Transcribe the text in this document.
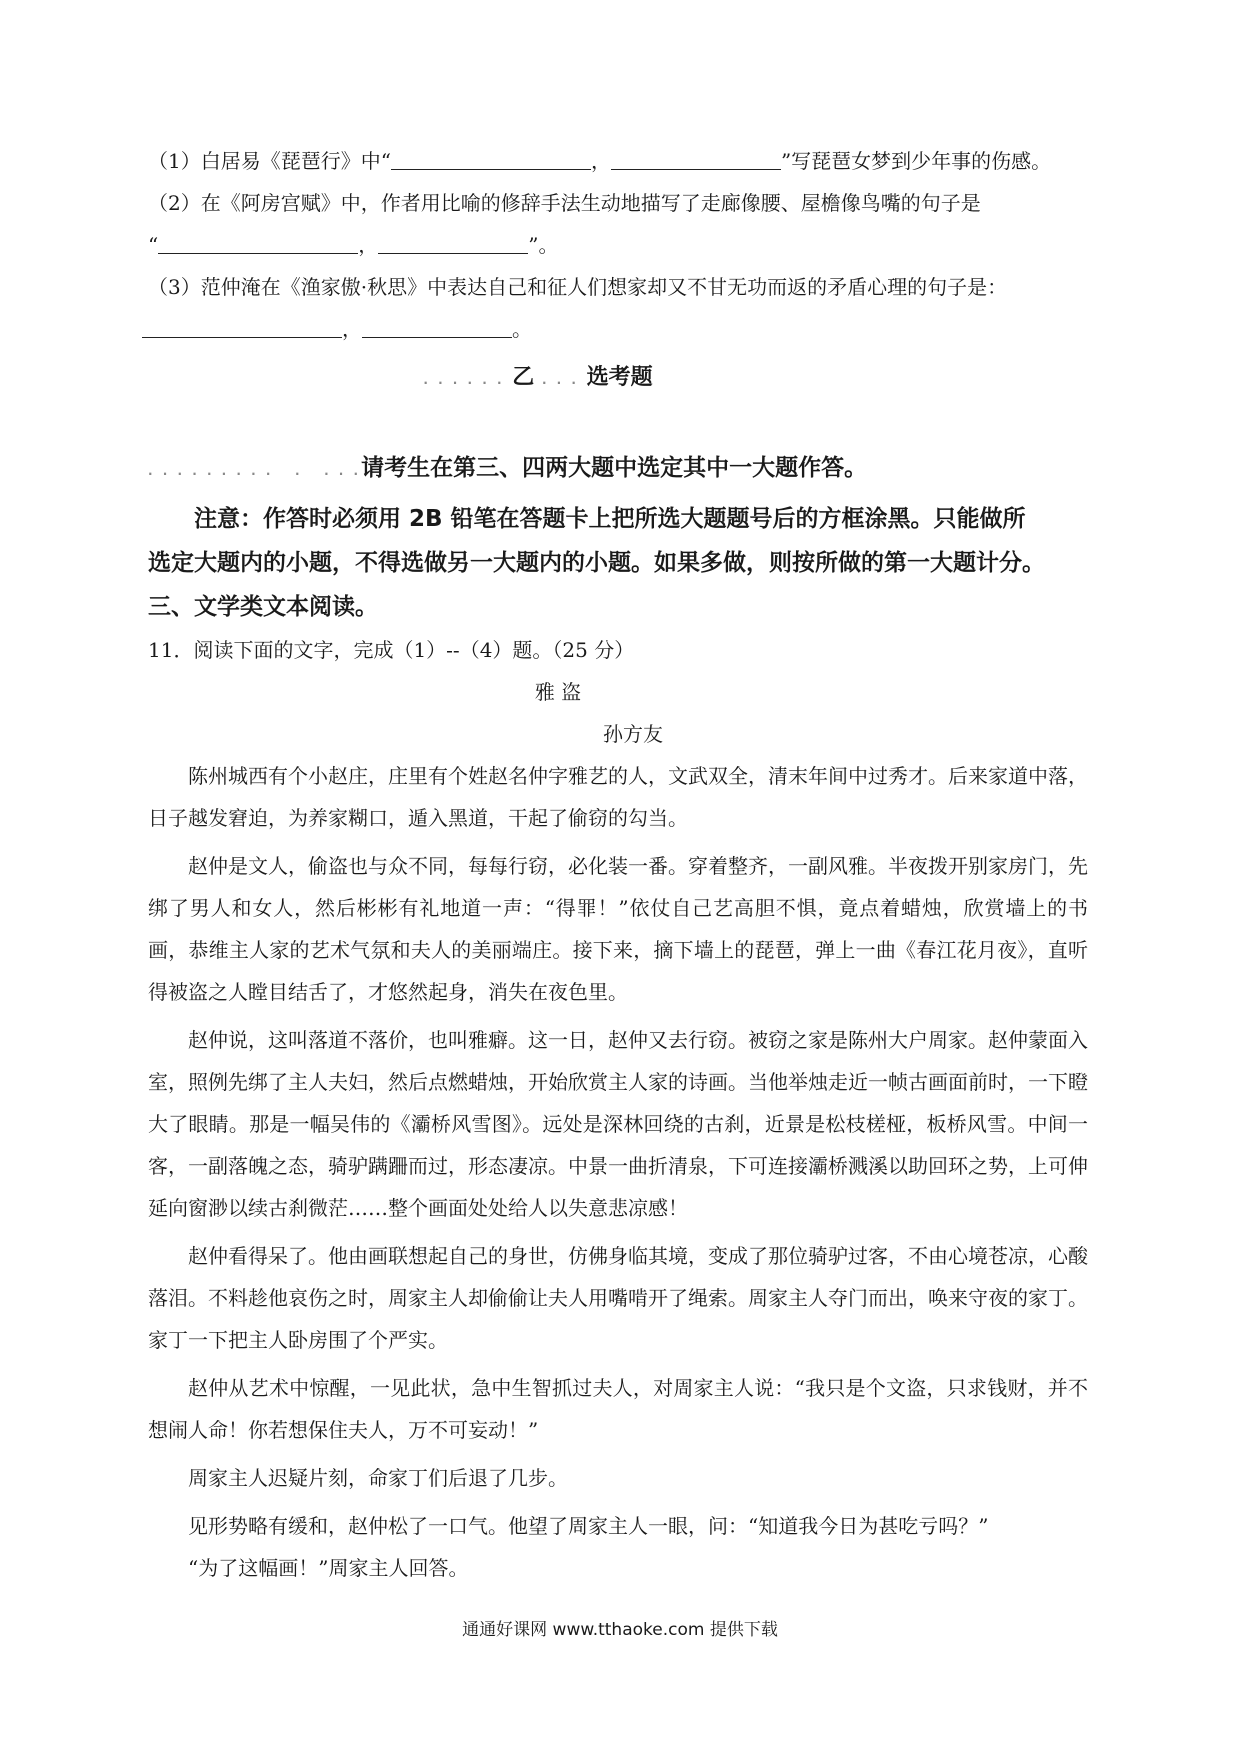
（1）白居易《琵琶行》中“	，	”写琵琶女梦到少年事的伤感。
（2）在《阿房宫赋》中，作者用比喻的修辞手法生动地描写了走廊像腰、屋檐像鸟嘴的句子是
“	，	”。
（3）范仲淹在《渔家傲·秋思》中表达自己和征人们想家却又不甘无功而返的矛盾心理的句子是：
，	。
. . . . . . 乙 . . . 选考题
. . . . . . . . .   .   . . .请考生在第三、四两大题中选定其中一大题作答。
注意：作答时必须用 2B 铅笔在答题卡上把所选大题题号后的方框涂黑。只能做所
选定大题内的小题，不得选做另一大题内的小题。如果多做，则按所做的第一大题计分。
三、文学类文本阅读。
11．阅读下面的文字，完成（1）--（4）题。（25 分）
雅 盗
孙方友
陈州城西有个小赵庄，庄里有个姓赵名仲字雅艺的人，文武双全，清末年间中过秀才。后来家道中落，日子越发窘迫，为养家糊口，遁入黑道，干起了偷窃的勾当。
赵仲是文人，偷盗也与众不同，每每行窃，必化装一番。穿着整齐，一副风雅。半夜拨开别家房门，先绑了男人和女人，然后彬彬有礼地道一声：“得罪！”依仗自己艺高胆不惧，竟点着蜡烛，欣赏墙上的书画，恭维主人家的艺术气氛和夫人的美丽端庄。接下来，摘下墙上的琵琶，弹上一曲《春江花月夜》，直听得被盗之人瞠目结舌了，才悠然起身，消失在夜色里。
赵仲说，这叫落道不落价，也叫雅癖。这一日，赵仲又去行窃。被窃之家是陈州大户周家。赵仲蒙面入室，照例先绑了主人夫妇，然后点燃蜡烛，开始欣赏主人家的诗画。当他举烛走近一帧古画面前时，一下瞪大了眼睛。那是一幅吴伟的《灞桥风雪图》。远处是深林回绕的古刹，近景是松枝槎桠，板桥风雪。中间一客，一副落魄之态，骑驴蹒跚而过，形态凄凉。中景一曲折清泉，下可连接灞桥溅溪以助回环之势，上可伸延向窗渺以续古刹微茫……整个画面处处给人以失意悲凉感！
赵仲看得呆了。他由画联想起自己的身世，仿佛身临其境，变成了那位骑驴过客，不由心境苍凉，心酸落泪。不料趁他哀伤之时，周家主人却偷偷让夫人用嘴啃开了绳索。周家主人夺门而出，唤来守夜的家丁。家丁一下把主人卧房围了个严实。
赵仲从艺术中惊醒，一见此状，急中生智抓过夫人，对周家主人说：“我只是个文盗，只求钱财，并不想闹人命！你若想保住夫人，万不可妄动！”
周家主人迟疑片刻，命家丁们后退了几步。
见形势略有缓和，赵仲松了一口气。他望了周家主人一眼，问：“知道我今日为甚吃亏吗？”
“为了这幅画！”周家主人回答。
通通好课网 www.tthaoke.com 提供下载
